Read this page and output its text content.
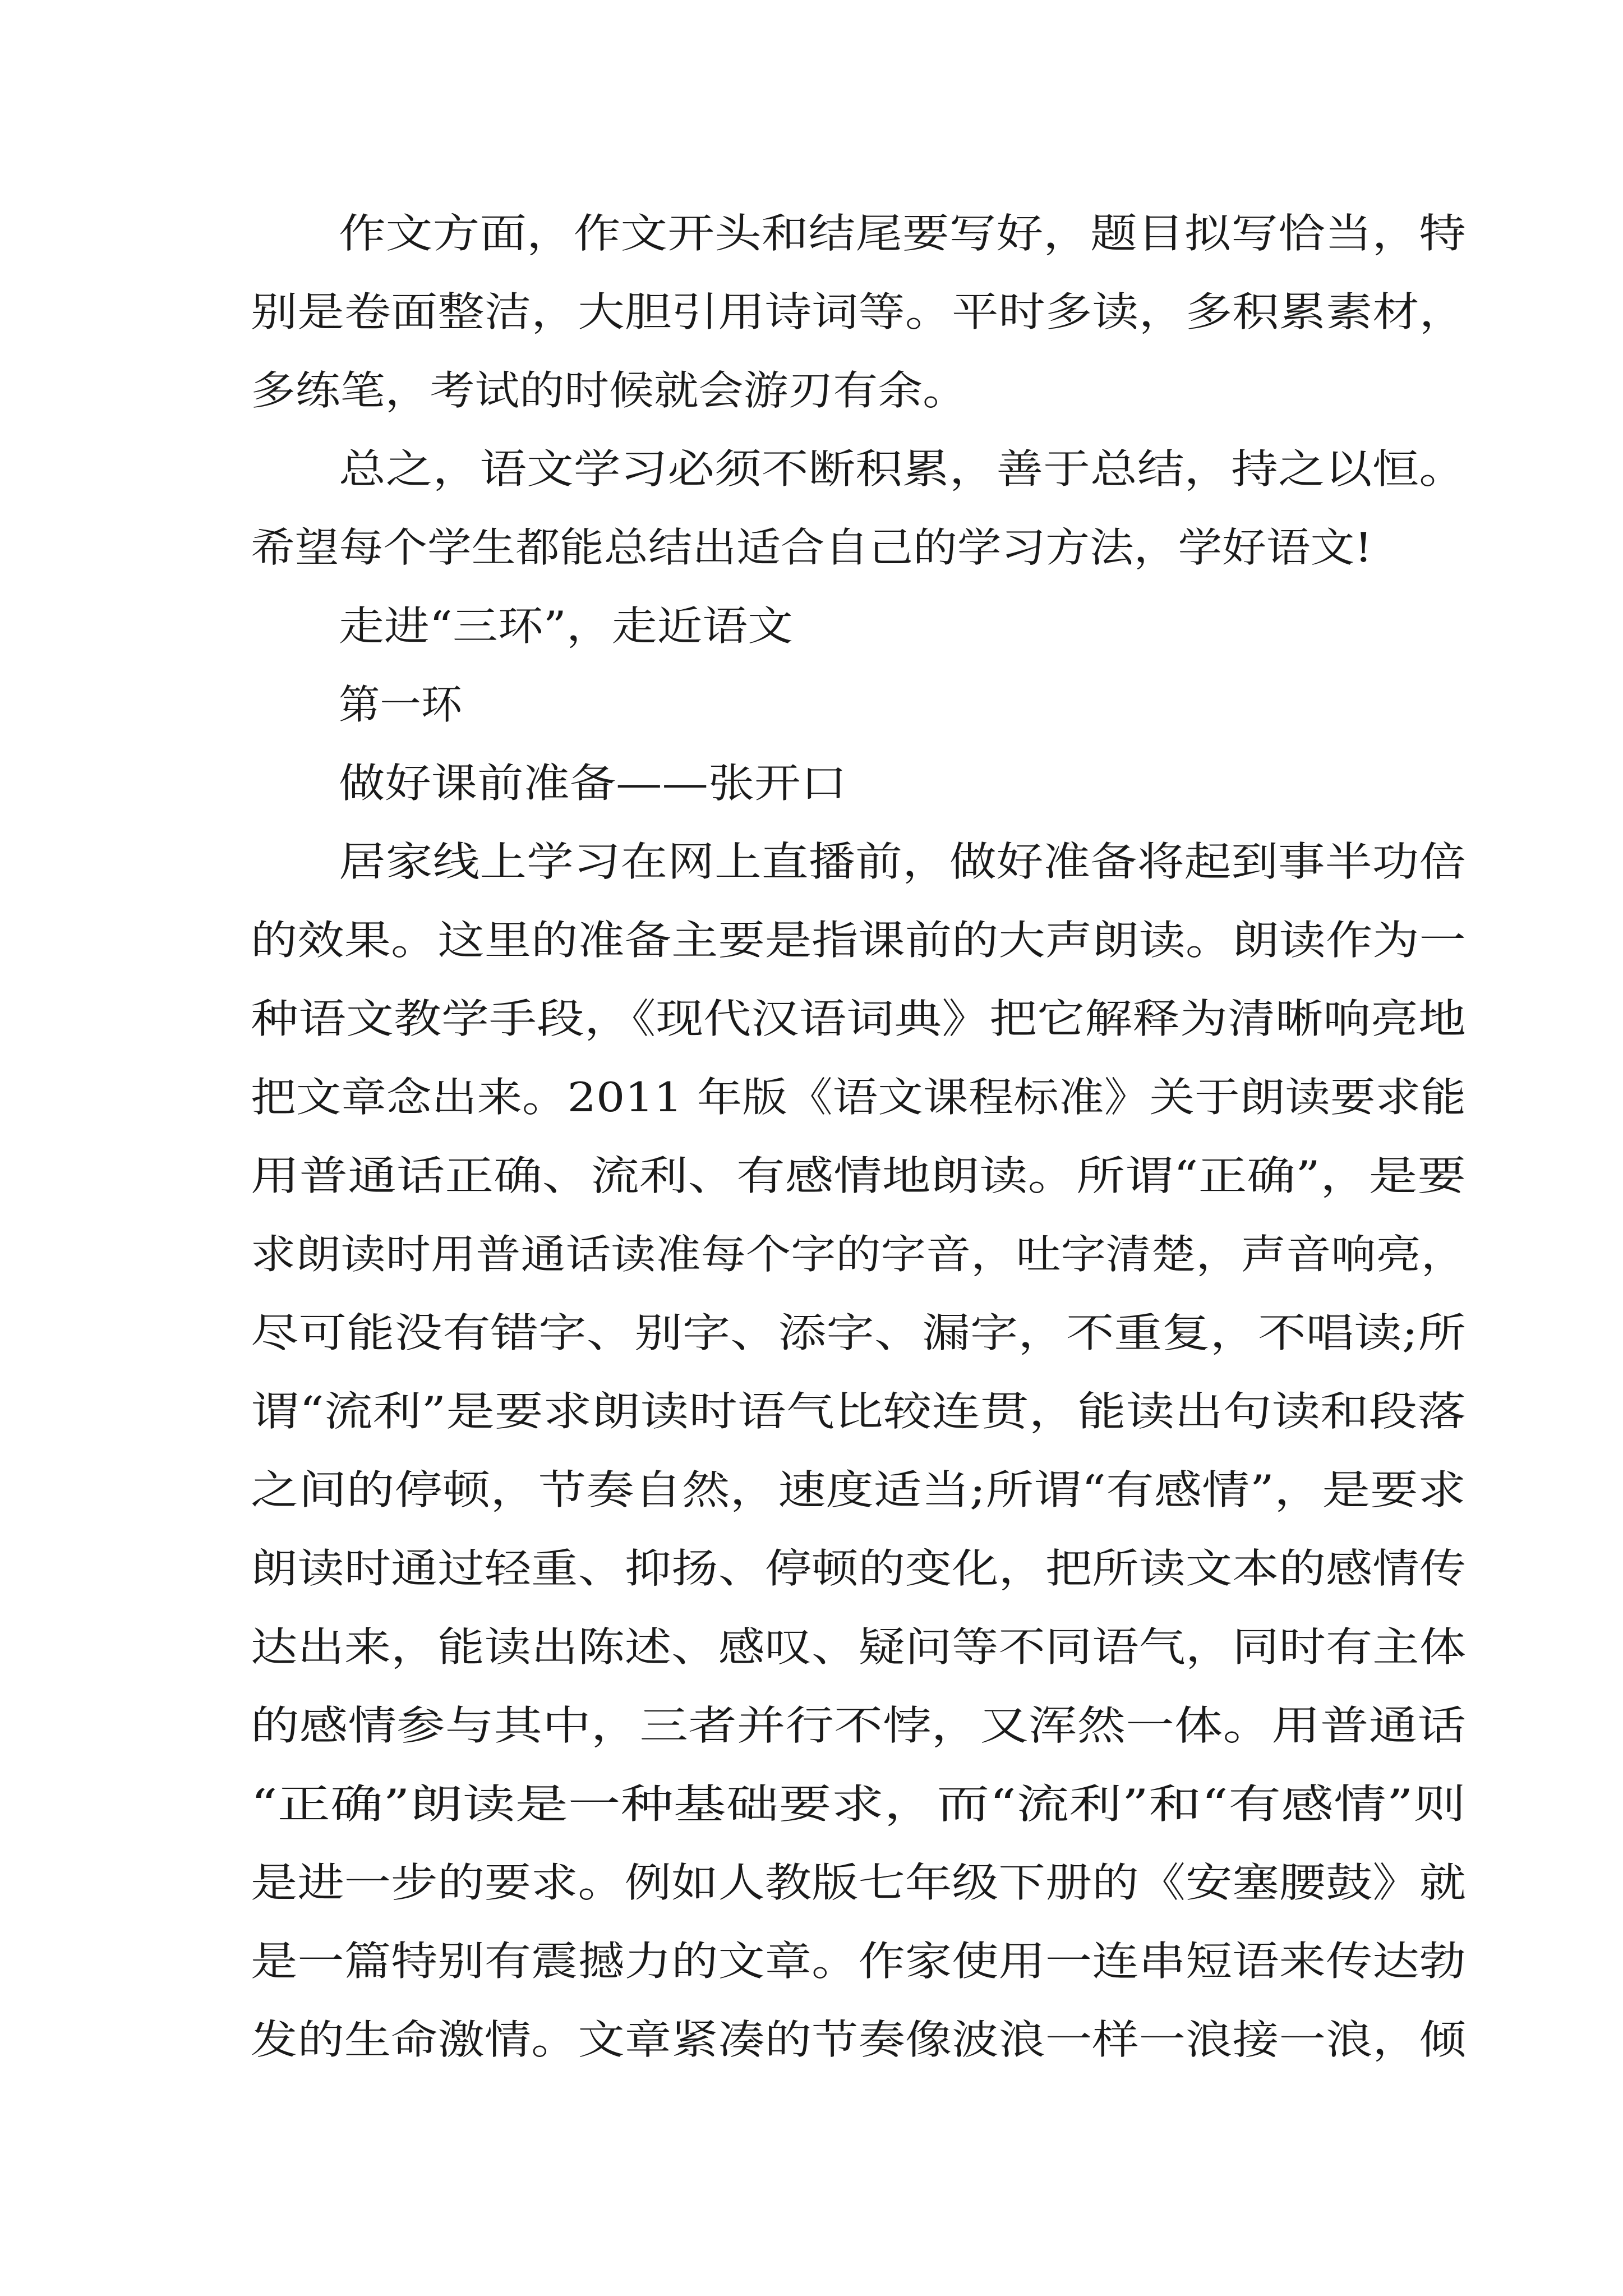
作文方面，作文开头和结尾要写好，题目拟写恰当，特
别是卷面整洁，大胆引用诗词等。平时多读，多积累素材，
多练笔，考试的时候就会游刃有余。
总之，语文学习必须不断积累，善于总结，持之以恒。
希望每个学生都能总结出适合自己的学习方法，学好语文!
走进“三环”，走近语文
第一环
做好课前准备——张开口
居家线上学习在网上直播前，做好准备将起到事半功倍
的效果。这里的准备主要是指课前的大声朗读。朗读作为一
种语文教学手段，《现代汉语词典》把它解释为清晰响亮地
把文章念出来。2011 年版《语文课程标准》关于朗读要求能
用普通话正确、流利、有感情地朗读。所谓“正确”，是要
求朗读时用普通话读准每个字的字音，吐字清楚，声音响亮，
尽可能没有错字、别字、添字、漏字，不重复，不唱读;所
谓“流利”是要求朗读时语气比较连贯，能读出句读和段落
之间的停顿，节奏自然，速度适当;所谓“有感情”，是要求
朗读时通过轻重、抑扬、停顿的变化，把所读文本的感情传
达出来，能读出陈述、感叹、疑问等不同语气，同时有主体
的感情参与其中，三者并行不悖，又浑然一体。用普通话
“正确”朗读是一种基础要求，而“流利”和“有感情”则
是进一步的要求。例如人教版七年级下册的《安塞腰鼓》就
是一篇特别有震撼力的文章。作家使用一连串短语来传达勃
发的生命激情。文章紧凑的节奏像波浪一样一浪接一浪，倾
